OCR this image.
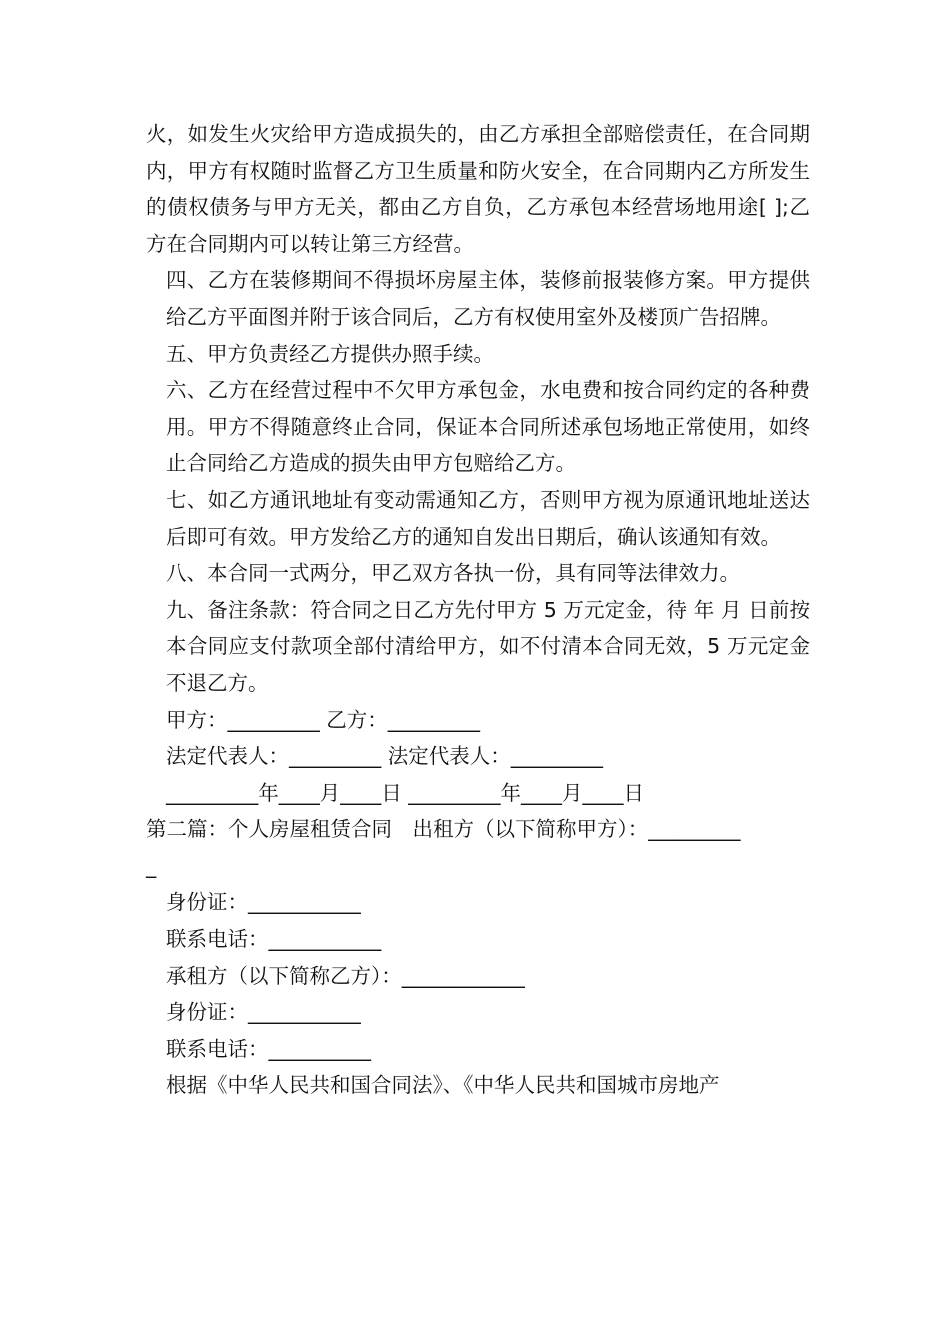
火，如发生火灾给甲方造成损失的，由乙方承担全部赔偿责任，在合同期内，甲方有权随时监督乙方卫生质量和防火安全，在合同期内乙方所发生的债权债务与甲方无关，都由乙方自负，乙方承包本经营场地用途[ ];乙方在合同期内可以转让第三方经营。

四、乙方在装修期间不得损坏房屋主体，装修前报装修方案。甲方提供给乙方平面图并附于该合同后，乙方有权使用室外及楼顶广告招牌。

五、甲方负责经乙方提供办照手续。

六、乙方在经营过程中不欠甲方承包金，水电费和按合同约定的各种费用。甲方不得随意终止合同，保证本合同所述承包场地正常使用，如终止合同给乙方造成的损失由甲方包赔给乙方。

七、如乙方通讯地址有变动需通知乙方，否则甲方视为原通讯地址送达后即可有效。甲方发给乙方的通知自发出日期后，确认该通知有效。

八、本合同一式两分，甲乙双方各执一份，具有同等法律效力。

九、备注条款：符合同之日乙方先付甲方 5 万元定金，待 年 月 日前按本合同应支付款项全部付清给甲方，如不付清本合同无效，5 万元定金不退乙方。

甲方：_________ 乙方：_________

法定代表人：_________ 法定代表人：_________

_________年____月____日 _________年____月____日

第二篇：个人房屋租赁合同　出租方（以下简称甲方）：_________

_

身份证：___________

联系电话：___________

承租方（以下简称乙方）：____________

身份证：___________

联系电话：__________

根据《中华人民共和国合同法》、《中华人民共和国城市房地产
